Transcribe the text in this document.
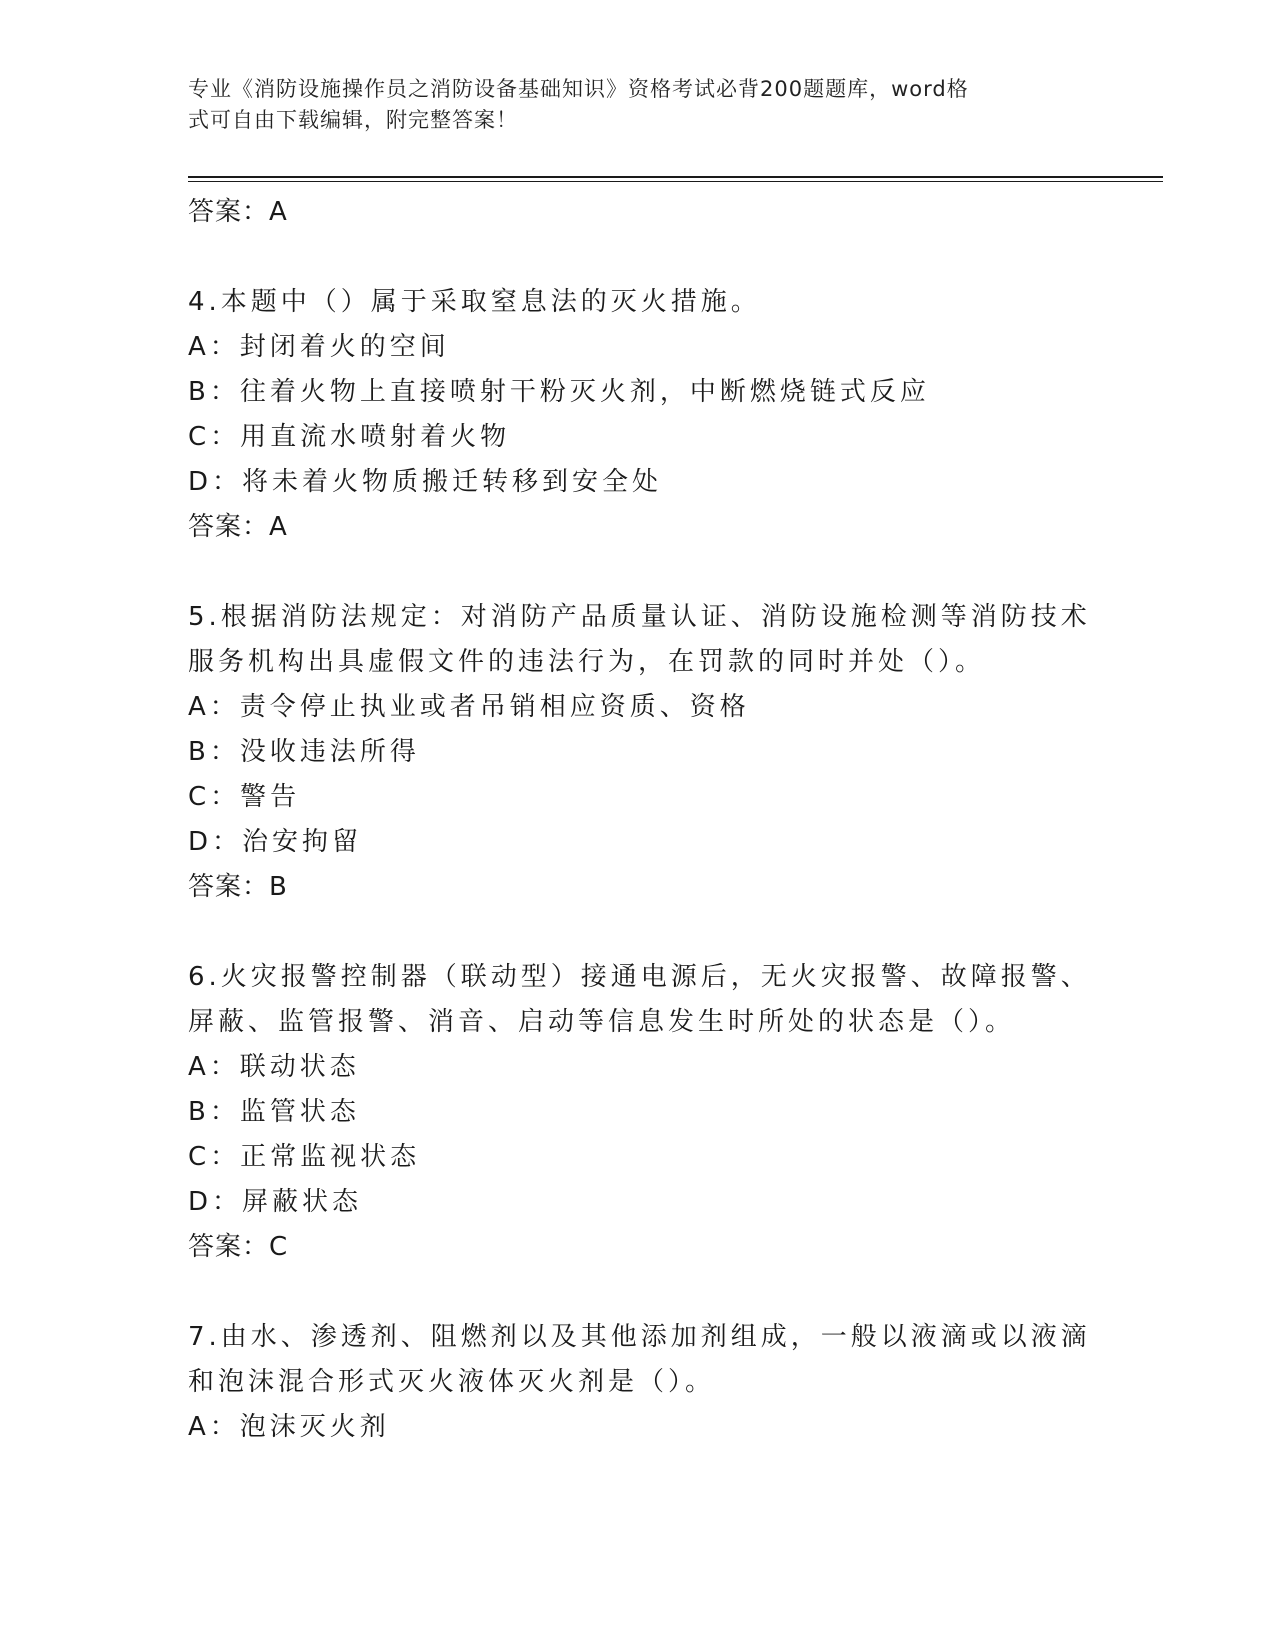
专业《消防设施操作员之消防设备基础知识》资格考试必背200题题库，word格
式可自由下载编辑，附完整答案！
答案：A
4.本题中（）属于采取窒息法的灭火措施。
A：封闭着火的空间
B：往着火物上直接喷射干粉灭火剂，中断燃烧链式反应
C：用直流水喷射着火物
D：将未着火物质搬迁转移到安全处
答案：A
5.根据消防法规定：对消防产品质量认证、消防设施检测等消防技术
服务机构出具虚假文件的违法行为，在罚款的同时并处（）。
A：责令停止执业或者吊销相应资质、资格
B：没收违法所得
C：警告
D：治安拘留
答案：B
6.火灾报警控制器（联动型）接通电源后，无火灾报警、故障报警、
屏蔽、监管报警、消音、启动等信息发生时所处的状态是（）。
A：联动状态
B：监管状态
C：正常监视状态
D：屏蔽状态
答案：C
7.由水、渗透剂、阻燃剂以及其他添加剂组成，一般以液滴或以液滴
和泡沫混合形式灭火液体灭火剂是（）。
A：泡沫灭火剂
